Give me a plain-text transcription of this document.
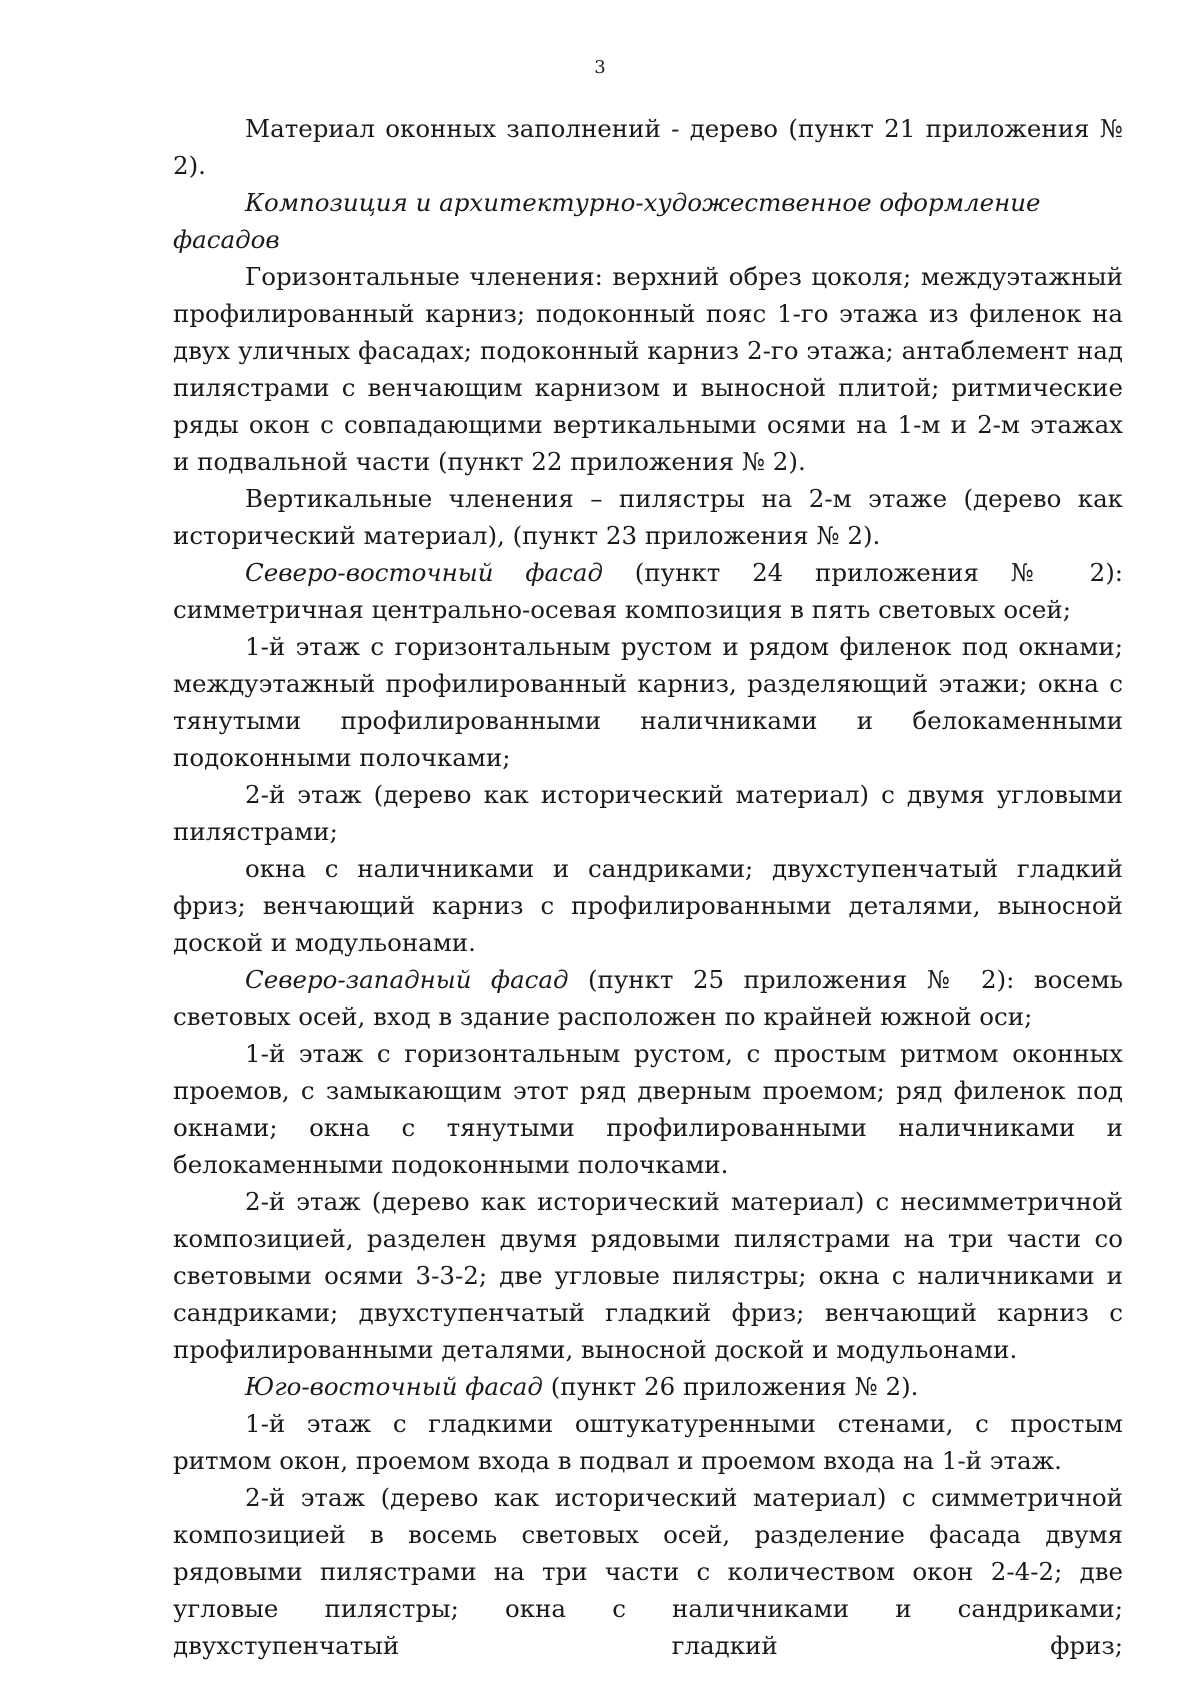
3

Материал оконных заполнений - дерево (пункт 21 приложения № 2).

Композиция и архитектурно-художественное оформление фасадов

Горизонтальные членения: верхний обрез цоколя; междуэтажный профилированный карниз; подоконный пояс 1-го этажа из филенок на двух уличных фасадах; подоконный карниз 2-го этажа; антаблемент над пилястрами с венчающим карнизом и выносной плитой; ритмические ряды окон с совпадающими вертикальными осями на 1-м и 2-м этажах и подвальной части (пункт 22 приложения № 2).

Вертикальные членения – пилястры на 2-м этаже (дерево как исторический материал), (пункт 23 приложения № 2).

Северо-восточный фасад (пункт 24 приложения № 2): симметричная центрально-осевая композиция в пять световых осей;

1-й этаж с горизонтальным рустом и рядом филенок под окнами; междуэтажный профилированный карниз, разделяющий этажи; окна с тянутыми профилированными наличниками и белокаменными подоконными полочками;

2-й этаж (дерево как исторический материал) с двумя угловыми пилястрами;

окна с наличниками и сандриками; двухступенчатый гладкий фриз; венчающий карниз с профилированными деталями, выносной доской и модульонами.

Северо-западный фасад (пункт 25 приложения № 2): восемь световых осей, вход в здание расположен по крайней южной оси;

1-й этаж с горизонтальным рустом, с простым ритмом оконных проемов, с замыкающим этот ряд дверным проемом; ряд филенок под окнами; окна с тянутыми профилированными наличниками и белокаменными подоконными полочками.

2-й этаж (дерево как исторический материал) с несимметричной композицией, разделен двумя рядовыми пилястрами на три части со световыми осями 3-3-2; две угловые пилястры; окна с наличниками и сандриками; двухступенчатый гладкий фриз; венчающий карниз с профилированными деталями, выносной доской и модульонами.

Юго-восточный фасад (пункт 26 приложения № 2).

1-й этаж с гладкими оштукатуренными стенами, с простым ритмом окон, проемом входа в подвал и проемом входа на 1-й этаж.

2-й этаж (дерево как исторический материал) с симметричной композицией в восемь световых осей, разделение фасада двумя рядовыми пилястрами на три части с количеством окон 2-4-2; две угловые пилястры; окна с наличниками и сандриками; двухступенчатый гладкий фриз;
